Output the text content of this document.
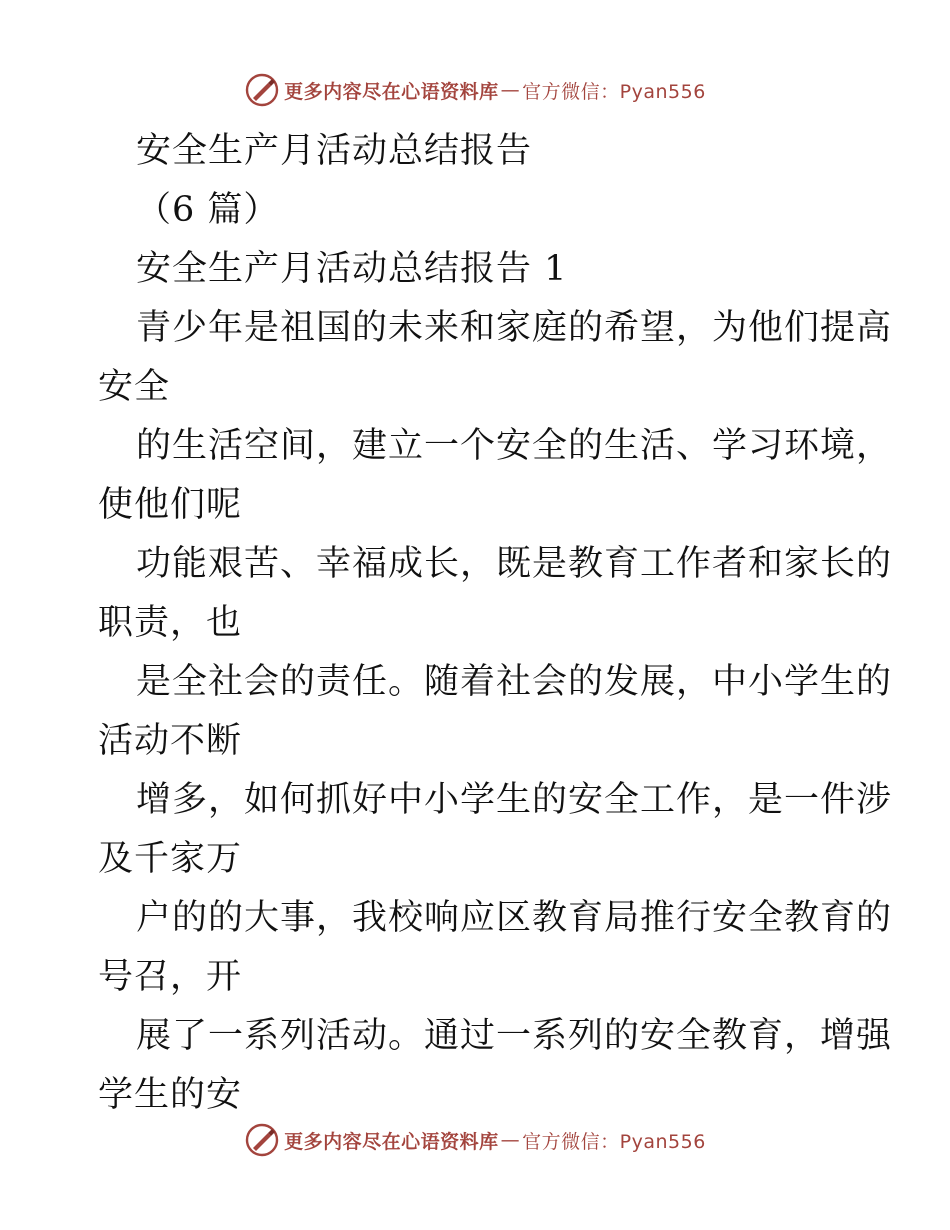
更多内容尽在心语资料库 — 官方微信：Pyan556
安全生产月活动总结报告
（6 篇）
安全生产月活动总结报告 1
青少年是祖国的未来和家庭的希望，为他们提高
安全
的生活空间，建立一个安全的生活、学习环境，
使他们呢
功能艰苦、幸福成长，既是教育工作者和家长的
职责，也
是全社会的责任。随着社会的发展，中小学生的
活动不断
增多，如何抓好中小学生的安全工作，是一件涉
及千家万
户的的大事，我校响应区教育局推行安全教育的
号召，开
展了一系列活动。通过一系列的安全教育，增强
学生的安
更多内容尽在心语资料库 — 官方微信：Pyan556
